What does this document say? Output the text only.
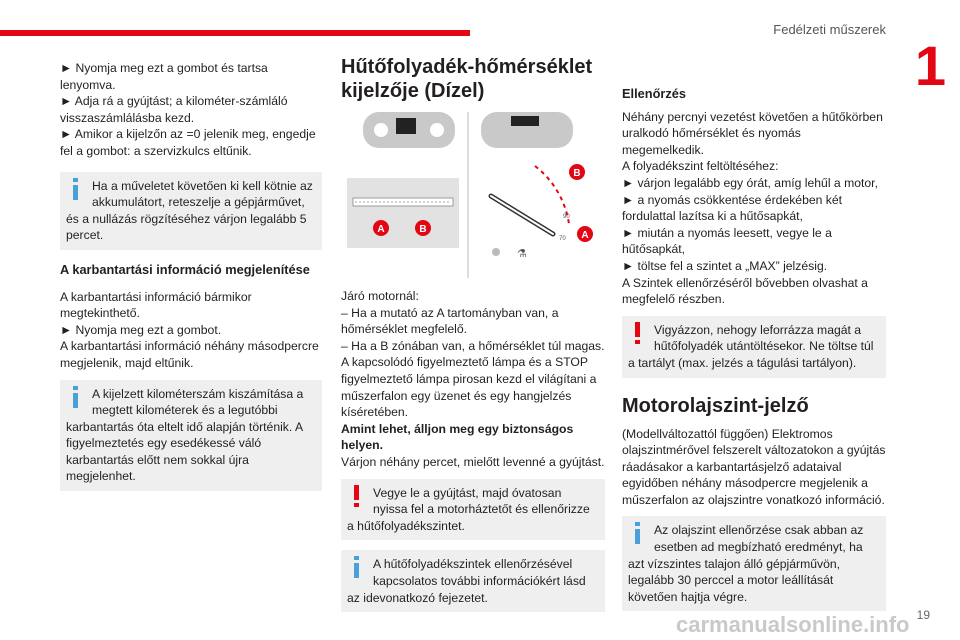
Fedélzeti műszerek
1
19
carmanualsonline.info

► Nyomja meg ezt a gombot és tartsa lenyomva.

► Adja rá a gyújtást; a kilométer-számláló visszaszámlálásba kezd.

► Amikor a kijelzőn az =0 jelenik meg, engedje fel a gombot: a szervizkulcs eltűnik.

Ha a műveletet követően ki kell kötnie az akkumulátort, reteszelje a gépjárművet, és a nullázás rögzítéséhez várjon legalább 5 percet.
A karbantartási információ megjelenítése

A karbantartási információ bármikor megtekinthető.

► Nyomja meg ezt a gombot.

A karbantartási információ néhány másodpercre megjelenik, majd eltűnik.

A kijelzett kilométerszám kiszámítása a megtett kilométerek és a legutóbbi karbantartás óta eltelt idő alapján történik. A figyelmeztetés egy esedékessé váló karbantartás előtt nem sokkal újra megjelenhet.
Hűtőfolyadék-hőmérséklet kijelzője (Dízel)
A	B
⚗
90
70
B
A

Járó motornál:

– Ha a mutató az A tartományban van, a hőmérséklet megfelelő.

– Ha a B zónában van, a hőmérséklet túl magas. A kapcsolódó figyelmeztető lámpa és a STOP figyelmeztető lámpa pirosan kezd el világítani a műszerfalon egy üzenet és egy hangjelzés kíséretében.

Amint lehet, álljon meg egy biztonságos helyen.

Várjon néhány percet, mielőtt levenné a gyújtást.

Vegye le a gyújtást, majd óvatosan nyissa fel a motorháztetőt és ellenőrizze a hűtőfolyadékszintet.
A hűtőfolyadékszintek ellenőrzésével kapcsolatos további információkért lásd az idevonatkozó fejezetet.
Ellenőrzés

Néhány percnyi vezetést követően a hűtőkörben uralkodó hőmérséklet és nyomás megemelkedik.

A folyadékszint feltöltéséhez:

► várjon legalább egy órát, amíg lehűl a motor,

► a nyomás csökkentése érdekében két fordulattal lazítsa ki a hűtősapkát,

► miután a nyomás leesett, vegye le a hűtősapkát,

► töltse fel a szintet a „MAX” jelzésig.

A Szintek ellenőrzéséről bővebben olvashat a megfelelő részben.

Vigyázzon, nehogy leforrázza magát a hűtőfolyadék utántöltésekor. Ne töltse túl a tartályt (max. jelzés a tágulási tartályon).
Motorolajszint-jelző

(Modellváltozattól függően) Elektromos olajszintmérővel felszerelt változatokon a gyújtás ráadásakor a karbantartásjelző adataival egyidőben néhány másodpercre megjelenik a műszerfalon az olajszintre vonatkozó információ.

Az olajszint ellenőrzése csak abban az esetben ad megbízható eredményt, ha azt vízszintes talajon álló gépjárművön, legalább 30 perccel a motor leállítását követően hajtja végre.
